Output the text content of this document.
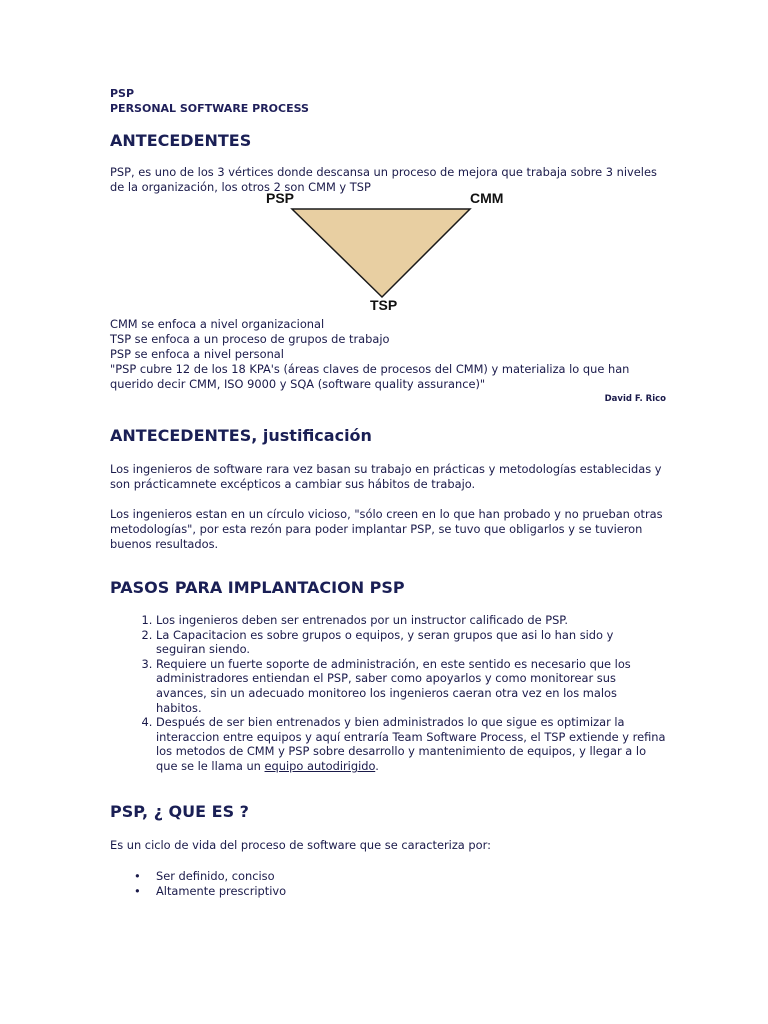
PSP
PERSONAL SOFTWARE PROCESS
ANTECEDENTES

PSP, es uno de los 3 vértices donde descansa un proceso de mejora que trabaja sobre 3 niveles de la organización, los otros 2 son CMM y TSP

PSP	CMM
TSP
CMM se enfoca a nivel organizacional
TSP se enfoca a un proceso de grupos de trabajo
PSP se enfoca a nivel personal
"PSP cubre 12 de los 18 KPA's (áreas claves de procesos del CMM) y materializa lo que han querido decir CMM, ISO 9000 y SQA (software quality assurance)"
David F. Rico
ANTECEDENTES, justificación

Los ingenieros de software rara vez basan su trabajo en prácticas y metodologías establecidas y son prácticamnete excépticos a cambiar sus hábitos de trabajo.

Los ingenieros estan en un círculo vicioso, "sólo creen en lo que han probado y no prueban otras metodologías", por esta rezón para poder implantar PSP, se tuvo que obligarlos y se tuvieron buenos resultados.

PASOS PARA IMPLANTACION PSP
1. Los ingenieros deben ser entrenados por un instructor calificado de PSP.
2. La Capacitacion es sobre grupos o equipos, y seran grupos que asi lo han sido y seguiran siendo.
3. Requiere un fuerte soporte de administración, en este sentido es necesario que los administradores entiendan el PSP, saber como apoyarlos y como monitorear sus avances, sin un adecuado monitoreo los ingenieros caeran otra vez en los malos habitos.
4. Después de ser bien entrenados y bien administrados lo que sigue es optimizar la interaccion entre equipos y aquí entraría Team Software Process, el TSP extiende y refina los metodos de CMM y PSP sobre desarrollo y mantenimiento de equipos, y llegar a lo que se le llama un equipo autodirigido.
PSP, ¿ QUE ES ?

Es un ciclo de vida del proceso de software que se caracteriza por:

• Ser definido, conciso
• Altamente prescriptivo
